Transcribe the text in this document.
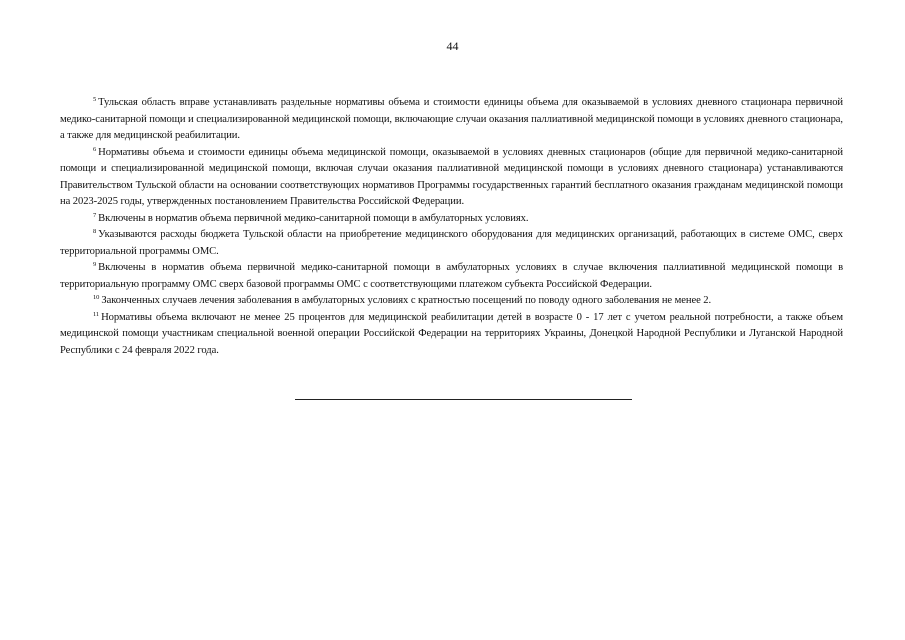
44

$^5$ Тульская область вправе устанавливать раздельные нормативы объема и стоимости единицы объема для оказываемой в условиях дневного стационара первичной медико-санитарной помощи и специализированной медицинской помощи, включающие случаи оказания паллиативной медицинской помощи в условиях дневного стационара, а также для медицинской реабилитации.

$^6$ Нормативы объема и стоимости единицы объема медицинской помощи, оказываемой в условиях дневных стационаров (общие для первичной медико-санитарной помощи и специализированной медицинской помощи, включая случаи оказания паллиативной медицинской помощи в условиях дневного стационара) устанавливаются Правительством Тульской области на основании соответствующих нормативов Программы государственных гарантий бесплатного оказания гражданам медицинской помощи на 2023-2025 годы, утвержденных постановлением Правительства Российской Федерации.

$^7$ Включены в норматив объема первичной медико-санитарной помощи в амбулаторных условиях.

$^8$ Указываются расходы бюджета Тульской области на приобретение медицинского оборудования для медицинских организаций, работающих в системе ОМС, сверх территориальной программы ОМС.

$^9$ Включены в норматив объема первичной медико-санитарной помощи в амбулаторных условиях в случае включения паллиативной медицинской помощи в территориальную программу ОМС сверх базовой программы ОМС с соответствующими платежом субъекта Российской Федерации.

$^{10}$ Законченных случаев лечения заболевания в амбулаторных условиях с кратностью посещений по поводу одного заболевания не менее 2.

$^{11}$ Нормативы объема включают не менее 25 процентов для медицинской реабилитации детей в возрасте 0 - 17 лет с учетом реальной потребности, а также объем медицинской помощи участникам специальной военной операции Российской Федерации на территориях Украины, Донецкой Народной Республики и Луганской Народной Республики с 24 февраля 2022 года.
